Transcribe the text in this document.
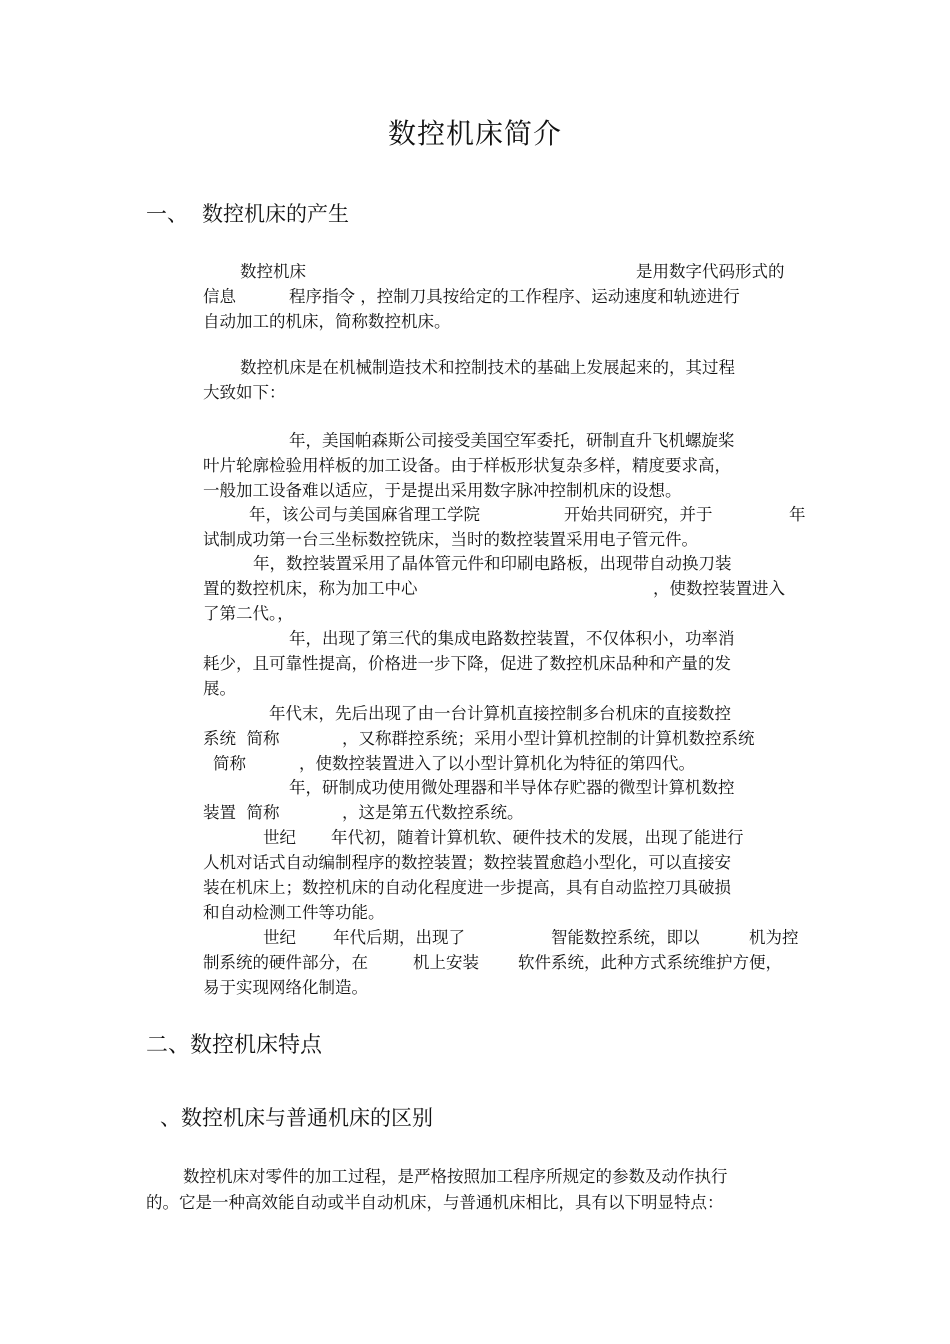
数控机床简介
一、 数控机床的产生
数控机床	是用数字代码形式的
信息	程序指令 ，控制刀具按给定的工作程序、运动速度和轨迹进行
自动加工的机床，简称数控机床。
数控机床是在机械制造技术和控制技术的基础上发展起来的，其过程
大致如下：
年，美国帕森斯公司接受美国空军委托，研制直升飞机螺旋桨
叶片轮廓检验用样板的加工设备。由于样板形状复杂多样，精度要求高，
一般加工设备难以适应，于是提出采用数字脉冲控制机床的设想。
年，该公司与美国麻省理工学院	开始共同研究，并于	年
试制成功第一台三坐标数控铣床，当时的数控装置采用电子管元件。
年，数控装置采用了晶体管元件和印刷电路板，出现带自动换刀装
置的数控机床，称为加工中心	，使数控装置进入
了第二代。，
年，出现了第三代的集成电路数控装置，不仅体积小，功率消
耗少，且可靠性提高，价格进一步下降，促进了数控机床品种和产量的发
展。
年代末，先后出现了由一台计算机直接控制多台机床的直接数控
系统  简称	，又称群控系统；采用小型计算机控制的计算机数控系统
简称	，使数控装置进入了以小型计算机化为特征的第四代。
年，研制成功使用微处理器和半导体存贮器的微型计算机数控
装置  简称	，这是第五代数控系统。
世纪 年代初，随着计算机软、硬件技术的发展，出现了能进行
人机对话式自动编制程序的数控装置；数控装置愈趋小型化，可以直接安
装在机床上；数控机床的自动化程度进一步提高，具有自动监控刀具破损
和自动检测工件等功能。
世纪 年代后期，出现了	智能数控系统，即以	机为控
制系统的硬件部分，在	机上安装 软件系统，此种方式系统维护方便，
易于实现网络化制造。
二、数控机床特点
、数控机床与普通机床的区别
数控机床对零件的加工过程，是严格按照加工程序所规定的参数及动作执行
的。它是一种高效能自动或半自动机床，与普通机床相比，具有以下明显特点：
